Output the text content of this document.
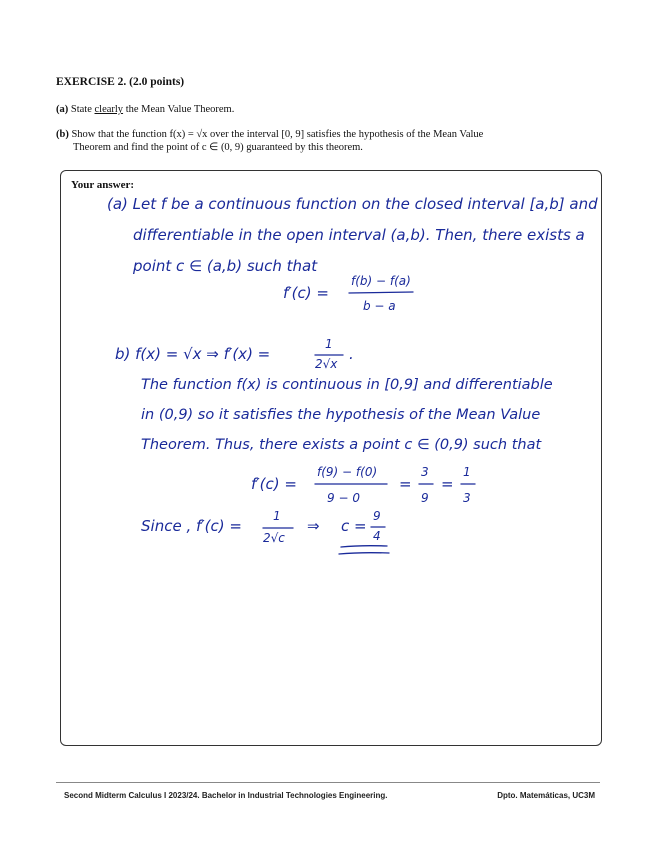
EXERCISE 2. (2.0 points)
(a) State clearly the Mean Value Theorem.
(b) Show that the function f(x) = √x over the interval [0, 9] satisfies the hypothesis of the Mean Value
Theorem and find the point of c ∈ (0, 9) guaranteed by this theorem.
Your answer:
(a) Let f be a continuous function on the closed interval [a,b] and
differentiable in the open interval (a,b). Then, there exists a
point c ∈ (a,b) such that
f′(c) =
f(b) − f(a)
b − a
b) f(x) = √x ⇒ f′(x) =
1
2√x
.
The function f(x) is continuous in [0,9] and differentiable
in (0,9) so it satisfies the hypothesis of the Mean Value
Theorem. Thus, there exists a point c ∈ (0,9) such that
f′(c) =
f(9) − f(0)
9 − 0
=
3
9
=
1
3
Since , f′(c) =
1
2√c
⇒ c =
9
4
Second Midterm Calculus I 2023/24. Bachelor in Industrial Technologies Engineering.	Dpto. Matemáticas, UC3M
